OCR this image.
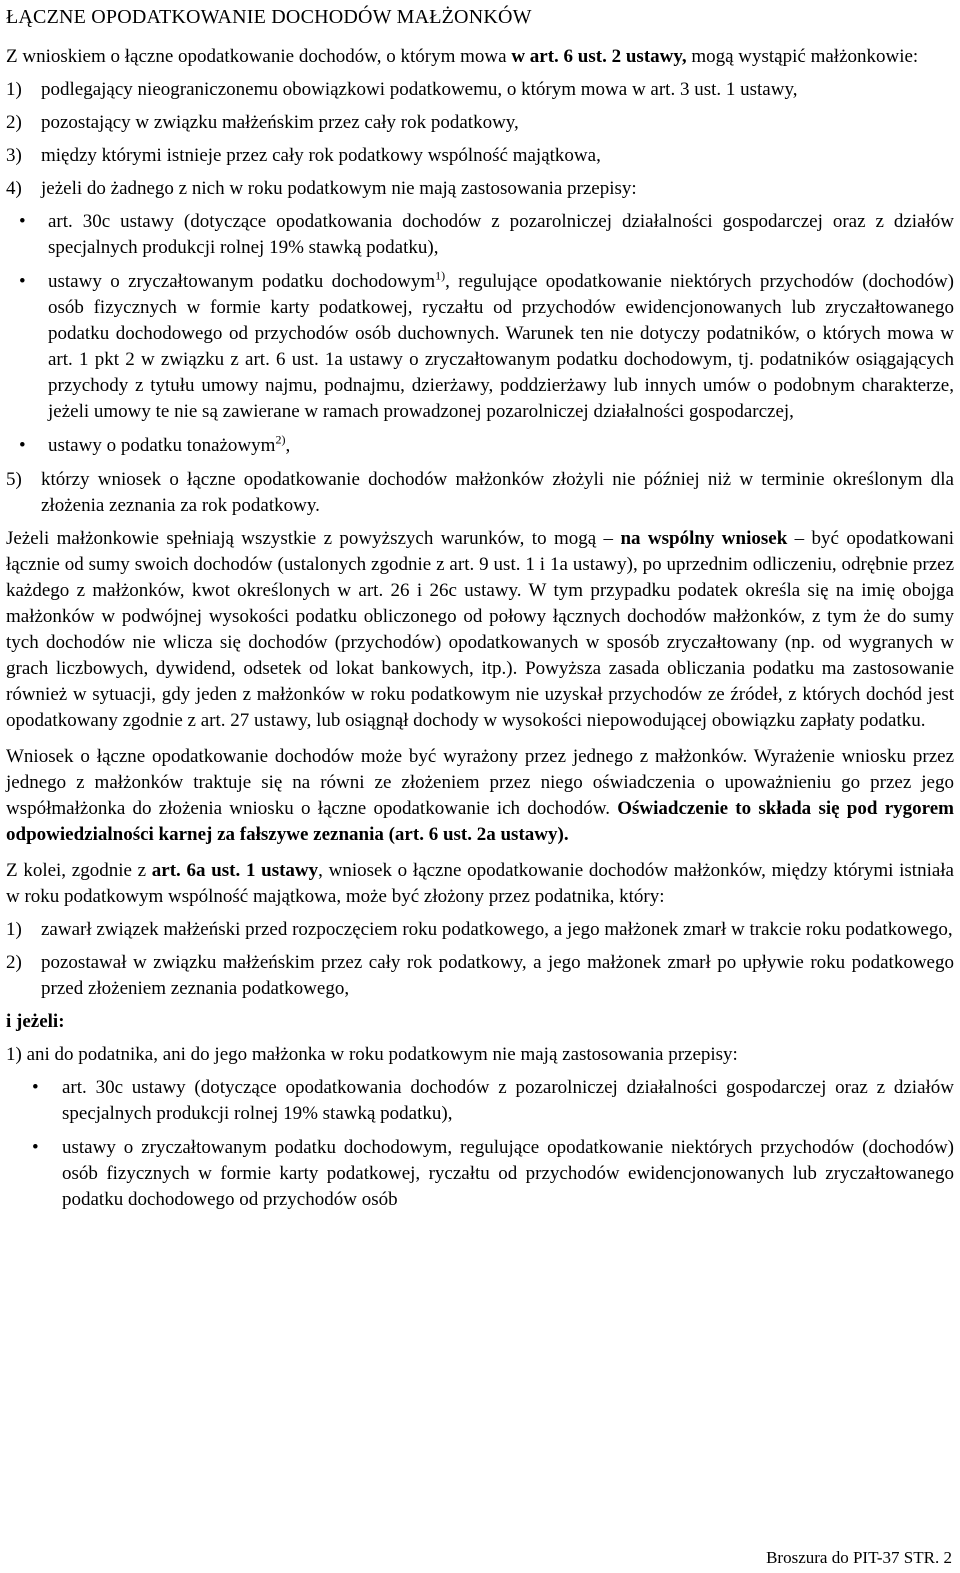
ŁĄCZNE OPODATKOWANIE DOCHODÓW MAŁŻONKÓW

Z wnioskiem o łączne opodatkowanie dochodów, o którym mowa w art. 6 ust. 2 ustawy, mogą wystąpić małżonkowie:

1)	podlegający nieograniczonemu obowiązkowi podatkowemu, o którym mowa w art. 3 ust. 1 ustawy,
2)	pozostający w związku małżeńskim przez cały rok podatkowy,
3)	między którymi istnieje przez cały rok podatkowy wspólność majątkowa,
4)	jeżeli do żadnego z nich w roku podatkowym nie mają zastosowania przepisy:
•	art. 30c ustawy (dotyczące opodatkowania dochodów z pozarolniczej działalności gospodarczej oraz z działów specjalnych produkcji rolnej 19% stawką podatku),
•	ustawy o zryczałtowanym podatku dochodowym$^{1)}$, regulujące opodatkowanie niektórych przychodów (dochodów) osób fizycznych w formie karty podatkowej, ryczałtu od przychodów ewidencjonowanych lub zryczałtowanego podatku dochodowego od przychodów osób duchownych. Warunek ten nie dotyczy podatników, o których mowa w art. 1 pkt 2 w związku z art. 6 ust. 1a ustawy o zryczałtowanym podatku dochodowym, tj. podatników osiągających przychody z tytułu umowy najmu, podnajmu, dzierżawy, poddzierżawy lub innych umów o podobnym charakterze, jeżeli umowy te nie są zawierane w ramach prowadzonej pozarolniczej działalności gospodarczej,
•	ustawy o podatku tonażowym$^{2)}$,
5)	którzy wniosek o łączne opodatkowanie dochodów małżonków złożyli nie później niż w terminie określonym dla złożenia zeznania za rok podatkowy.

Jeżeli małżonkowie spełniają wszystkie z powyższych warunków, to mogą – na wspólny wniosek – być opodatkowani łącznie od sumy swoich dochodów (ustalonych zgodnie z art. 9 ust. 1 i 1a ustawy), po uprzednim odliczeniu, odrębnie przez każdego z małżonków, kwot określonych w art. 26 i 26c ustawy. W tym przypadku podatek określa się na imię obojga małżonków w podwójnej wysokości podatku obliczonego od połowy łącznych dochodów małżonków, z tym że do sumy tych dochodów nie wlicza się dochodów (przychodów) opodatkowanych w sposób zryczałtowany (np. od wygranych w grach liczbowych, dywidend, odsetek od lokat bankowych, itp.). Powyższa zasada obliczania podatku ma zastosowanie również w sytuacji, gdy jeden z małżonków w roku podatkowym nie uzyskał przychodów ze źródeł, z których dochód jest opodatkowany zgodnie z art. 27 ustawy, lub osiągnął dochody w wysokości niepowodującej obowiązku zapłaty podatku.

Wniosek o łączne opodatkowanie dochodów może być wyrażony przez jednego z małżonków. Wyrażenie wniosku przez jednego z małżonków traktuje się na równi ze złożeniem przez niego oświadczenia o upoważnieniu go przez jego współmałżonka do złożenia wniosku o łączne opodatkowanie ich dochodów. Oświadczenie to składa się pod rygorem odpowiedzialności karnej za fałszywe zeznania (art. 6 ust. 2a ustawy).

Z kolei, zgodnie z art. 6a ust. 1 ustawy, wniosek o łączne opodatkowanie dochodów małżonków, między którymi istniała w roku podatkowym wspólność majątkowa, może być złożony przez podatnika, który:

1)	zawarł związek małżeński przed rozpoczęciem roku podatkowego, a jego małżonek zmarł w trakcie roku podatkowego,
2)	pozostawał w związku małżeńskim przez cały rok podatkowy, a jego małżonek zmarł po upływie roku podatkowego przed złożeniem zeznania podatkowego,

i jeżeli:

1) ani do podatnika, ani do jego małżonka w roku podatkowym nie mają zastosowania przepisy:

•	art. 30c ustawy (dotyczące opodatkowania dochodów z pozarolniczej działalności gospodarczej oraz z działów specjalnych produkcji rolnej 19% stawką podatku),
•	ustawy o zryczałtowanym podatku dochodowym, regulujące opodatkowanie niektórych przychodów (dochodów) osób fizycznych w formie karty podatkowej, ryczałtu od przychodów ewidencjonowanych lub zryczałtowanego podatku dochodowego od przychodów osób
Broszura do PIT-37 STR. 2
